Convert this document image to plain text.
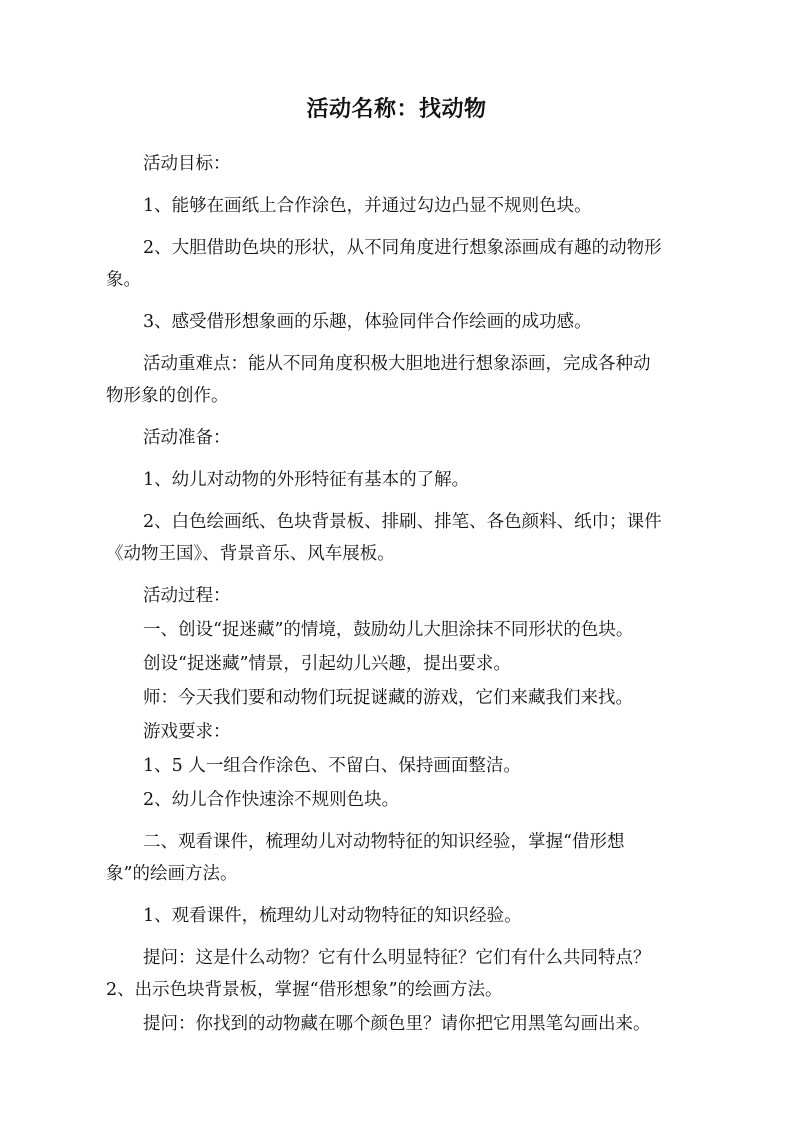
活动名称：找动物

活动目标：

1、能够在画纸上合作涂色，并通过勾边凸显不规则色块。

2、大胆借助色块的形状，从不同角度进行想象添画成有趣的动物形象。

3、感受借形想象画的乐趣，体验同伴合作绘画的成功感。

活动重难点：能从不同角度积极大胆地进行想象添画，完成各种动物形象的创作。

活动准备：

1、幼儿对动物的外形特征有基本的了解。

2、白色绘画纸、色块背景板、排刷、排笔、各色颜料、纸巾；课件《动物王国》、背景音乐、风车展板。

活动过程：

一、创设“捉迷藏”的情境，鼓励幼儿大胆涂抹不同形状的色块。

创设“捉迷藏”情景，引起幼儿兴趣，提出要求。

师：今天我们要和动物们玩捉谜藏的游戏，它们来藏我们来找。

游戏要求：

1、5 人一组合作涂色、不留白、保持画面整洁。

2、幼儿合作快速涂不规则色块。

二、观看课件，梳理幼儿对动物特征的知识经验，掌握“借形想象”的绘画方法。

1、观看课件，梳理幼儿对动物特征的知识经验。

提问：这是什么动物？它有什么明显特征？它们有什么共同特点？2、出示色块背景板，掌握“借形想象”的绘画方法。

提问：你找到的动物藏在哪个颜色里？请你把它用黑笔勾画出来。
